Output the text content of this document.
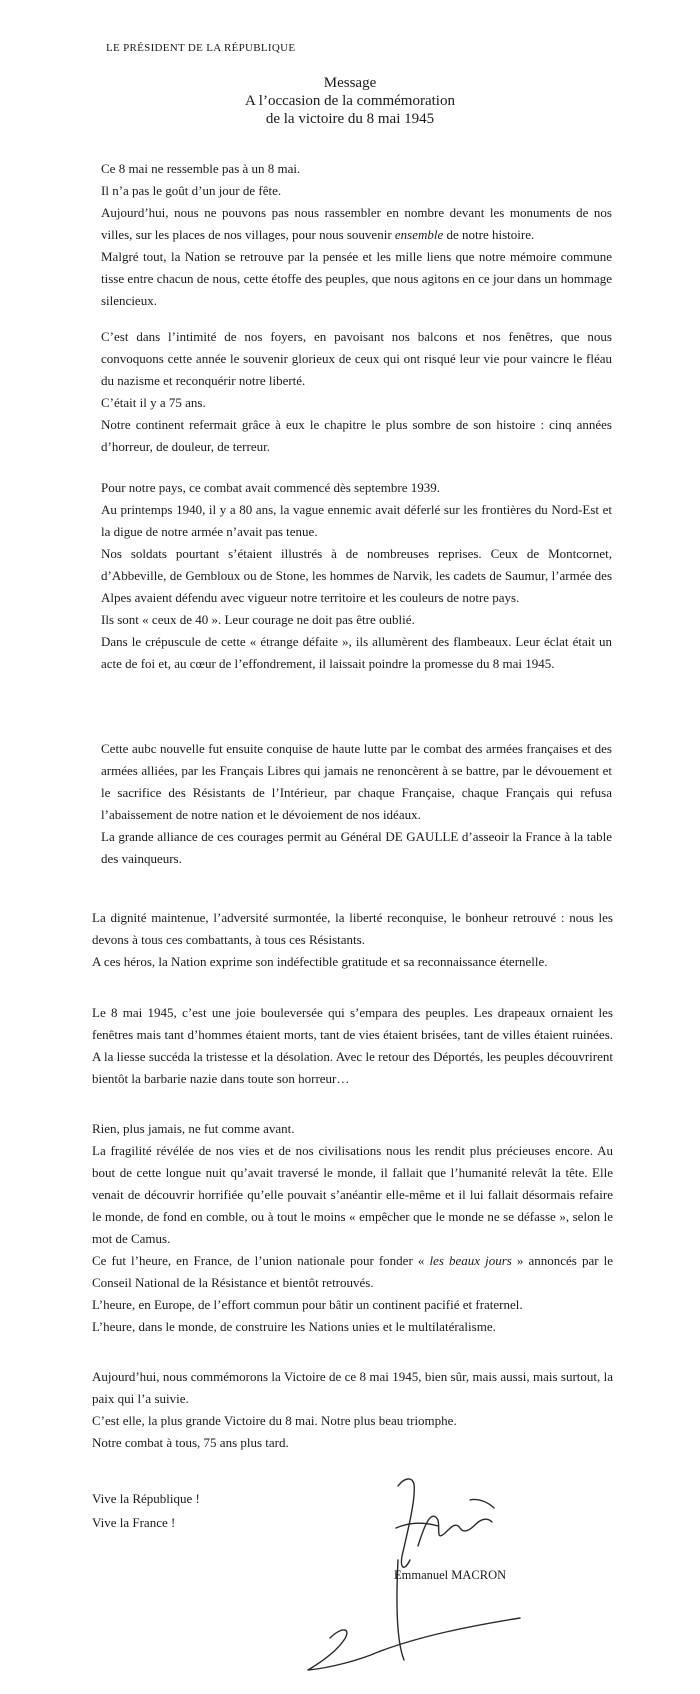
LE PRÉSIDENT DE LA RÉPUBLIQUE
Message
A l’occasion de la commémoration
de la victoire du 8 mai 1945

Ce 8 mai ne ressemble pas à un 8 mai.

Il n’a pas le goût d’un jour de fête.

Aujourd’hui, nous ne pouvons pas nous rassembler en nombre devant les monuments de nos villes, sur les places de nos villages, pour nous souvenir ensemble de notre histoire.

Malgré tout, la Nation se retrouve par la pensée et les mille liens que notre mémoire commune tisse entre chacun de nous, cette étoffe des peuples, que nous agitons en ce jour dans un hommage silencieux.

C’est dans l’intimité de nos foyers, en pavoisant nos balcons et nos fenêtres, que nous convoquons cette année le souvenir glorieux de ceux qui ont risqué leur vie pour vaincre le fléau du nazisme et reconquérir notre liberté.

C’était il y a 75 ans.

Notre continent refermait grâce à eux le chapitre le plus sombre de son histoire : cinq années d’horreur, de douleur, de terreur.

Pour notre pays, ce combat avait commencé dès septembre 1939.

Au printemps 1940, il y a 80 ans, la vague ennemic avait déferlé sur les frontières du Nord-Est et la digue de notre armée n’avait pas tenue.

Nos soldats pourtant s’étaient illustrés à de nombreuses reprises. Ceux de Montcornet, d’Abbeville, de Gembloux ou de Stone, les hommes de Narvik, les cadets de Saumur, l’armée des Alpes avaient défendu avec vigueur notre territoire et les couleurs de notre pays.

Ils sont « ceux de 40 ». Leur courage ne doit pas être oublié.

Dans le crépuscule de cette « étrange défaite », ils allumèrent des flambeaux. Leur éclat était un acte de foi et, au cœur de l’effondrement, il laissait poindre la promesse du 8 mai 1945.

Cette aubc nouvelle fut ensuite conquise de haute lutte par le combat des armées françaises et des armées alliées, par les Français Libres qui jamais ne renoncèrent à se battre, par le dévouement et le sacrifice des Résistants de l’Intérieur, par chaque Française, chaque Français qui refusa l’abaissement de notre nation et le dévoiement de nos idéaux.

La grande alliance de ces courages permit au Général DE GAULLE d’asseoir la France à la table des vainqueurs.

La dignité maintenue, l’adversité surmontée, la liberté reconquise, le bonheur retrouvé : nous les devons à tous ces combattants, à tous ces Résistants.

A ces héros, la Nation exprime son indéfectible gratitude et sa reconnaissance éternelle.

Le 8 mai 1945, c’est une joie bouleversée qui s’empara des peuples. Les drapeaux ornaient les fenêtres mais tant d’hommes étaient morts, tant de vies étaient brisées, tant de villes étaient ruinées. A la liesse succéda la tristesse et la désolation. Avec le retour des Déportés, les peuples découvrirent bientôt la barbarie nazie dans toute son horreur…

Rien, plus jamais, ne fut comme avant.

La fragilité révélée de nos vies et de nos civilisations nous les rendit plus précieuses encore. Au bout de cette longue nuit qu’avait traversé le monde, il fallait que l’humanité relevât la tête. Elle venait de découvrir horrifiée qu’elle pouvait s’anéantir elle-même et il lui fallait désormais refaire le monde, de fond en comble, ou à tout le moins « empêcher que le monde ne se défasse », selon le mot de Camus.

Ce fut l’heure, en France, de l’union nationale pour fonder « les beaux jours » annoncés par le Conseil National de la Résistance et bientôt retrouvés.

L’heure, en Europe, de l’effort commun pour bâtir un continent pacifié et fraternel.

L’heure, dans le monde, de construire les Nations unies et le multilatéralisme.

Aujourd’hui, nous commémorons la Victoire de ce 8 mai 1945, bien sûr, mais aussi, mais surtout, la paix qui l’a suivie.

C’est elle, la plus grande Victoire du 8 mai. Notre plus beau triomphe.

Notre combat à tous, 75 ans plus tard.

Vive la République !
Vive la France !
Emmanuel MACRON
